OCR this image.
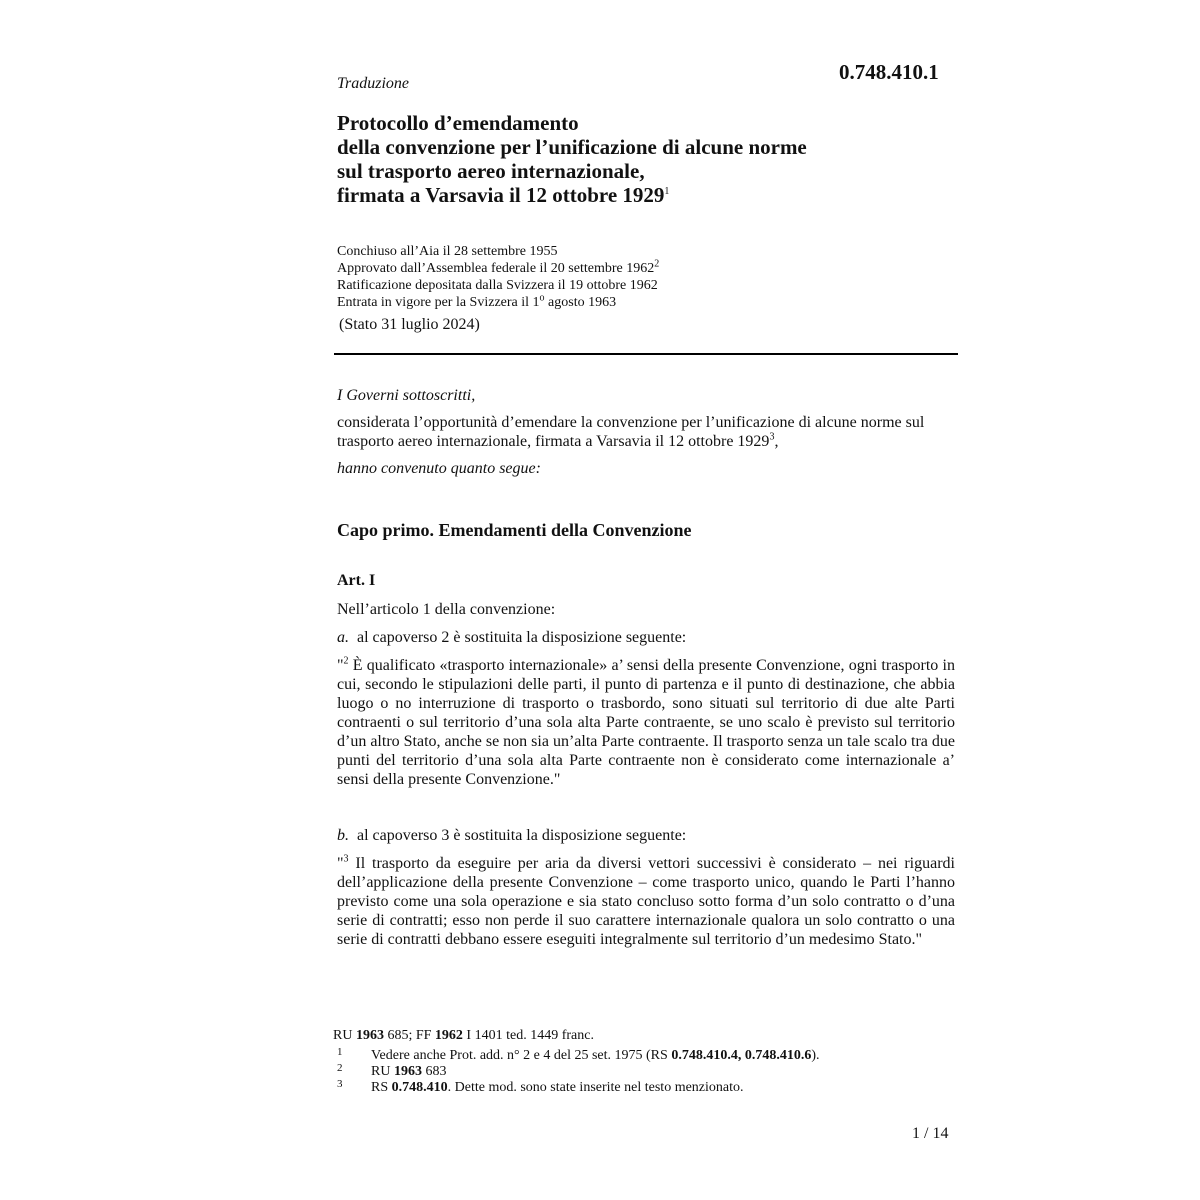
0.748.410.1
Traduzione
Protocollo d’emendamento
della convenzione per l’unificazione di alcune norme
sul trasporto aereo internazionale,
firmata a Varsavia il 12 ottobre 1929$^1$
Conchiuso all’Aia il 28 settembre 1955
Approvato dall’Assemblea federale il 20 settembre 1962$^2$
Ratificazione depositata dalla Svizzera il 19 ottobre 1962
Entrata in vigore per la Svizzera il 1$^o$ agosto 1963
(Stato 31 luglio 2024)
I Governi sottoscritti,
considerata l’opportunità d’emendare la convenzione per l’unificazione di alcune norme sul trasporto aereo internazionale, firmata a Varsavia il 12 ottobre 1929$^3$,
hanno convenuto quanto segue:
Capo primo. Emendamenti della Convenzione
Art. I
Nell’articolo 1 della convenzione:
a. al capoverso 2 è sostituita la disposizione seguente:
"$^2$ È qualificato «trasporto internazionale» a’ sensi della presente Convenzione, ogni trasporto in cui, secondo le stipulazioni delle parti, il punto di partenza e il punto di destinazione, che abbia luogo o no interruzione di trasporto o trasbordo, sono situati sul territorio di due alte Parti contraenti o sul territorio d’una sola alta Parte contraente, se uno scalo è previsto sul territorio d’un altro Stato, anche se non sia un’alta Parte contraente. Il trasporto senza un tale scalo tra due punti del territorio d’una sola alta Parte contraente non è considerato come internazionale a’ sensi della presente Convenzione."
b. al capoverso 3 è sostituita la disposizione seguente:
"$^3$ Il trasporto da eseguire per aria da diversi vettori successivi è considerato – nei riguardi dell’applicazione della presente Convenzione – come trasporto unico, quando le Parti l’hanno previsto come una sola operazione e sia stato concluso sotto forma d’un solo contratto o d’una serie di contratti; esso non perde il suo carattere internazionale qualora un solo contratto o una serie di contratti debbano essere eseguiti integralmente sul territorio d’un medesimo Stato."
RU 1963 685; FF 1962 I 1401 ted. 1449 franc.
1 Vedere anche Prot. add. n° 2 e 4 del 25 set. 1975 (RS 0.748.410.4, 0.748.410.6).
2 RU 1963 683
3 RS 0.748.410. Dette mod. sono state inserite nel testo menzionato.
1 / 14
